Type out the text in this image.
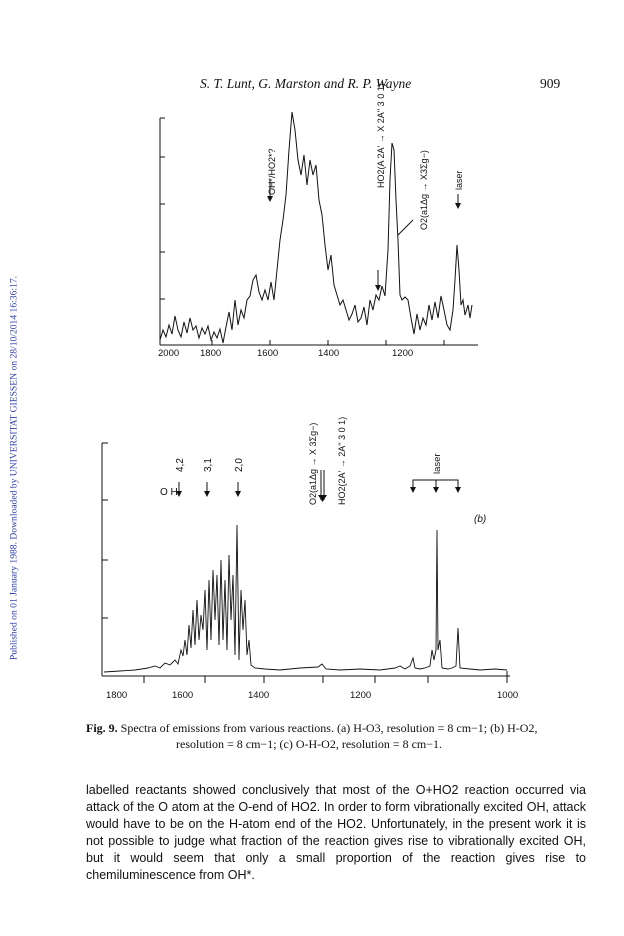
S. T. Lunt, G. Marston and R. P. Wayne	909
Published on 01 January 1988. Downloaded by UNIVERSITAT GIESSEN on 28/10/2014 16:36:17.	2000 1800	1600	1400	1200
OH*/HO2*?	HO2(A 2A' → X 2A'' 3 0 1)
O2(a1Δg → X3Σg−)	laser
1800	1600	1400	1200	1000
O H
4,2 3,1 2,0	O2(a1Δg → X 3Σg−) HO2(2A' → 2A'' 3 0 1)	laser
(b)
Fig. 9. Spectra of emissions from various reactions. (a) H-O3, resolution = 8 cm−1; (b) H-O2,
resolution = 8 cm−1; (c) O-H-O2, resolution = 8 cm−1.
labelled reactants showed conclusively that most of the O+HO2 reaction occurred via attack of the O atom at the O-end of HO2. In order to form vibrationally excited OH, attack would have to be on the H-atom end of the HO2. Unfortunately, in the present work it is not possible to judge what fraction of the reaction gives rise to vibrationally excited OH, but it would seem that only a small proportion of the reaction gives rise to chemiluminescence from OH*.
